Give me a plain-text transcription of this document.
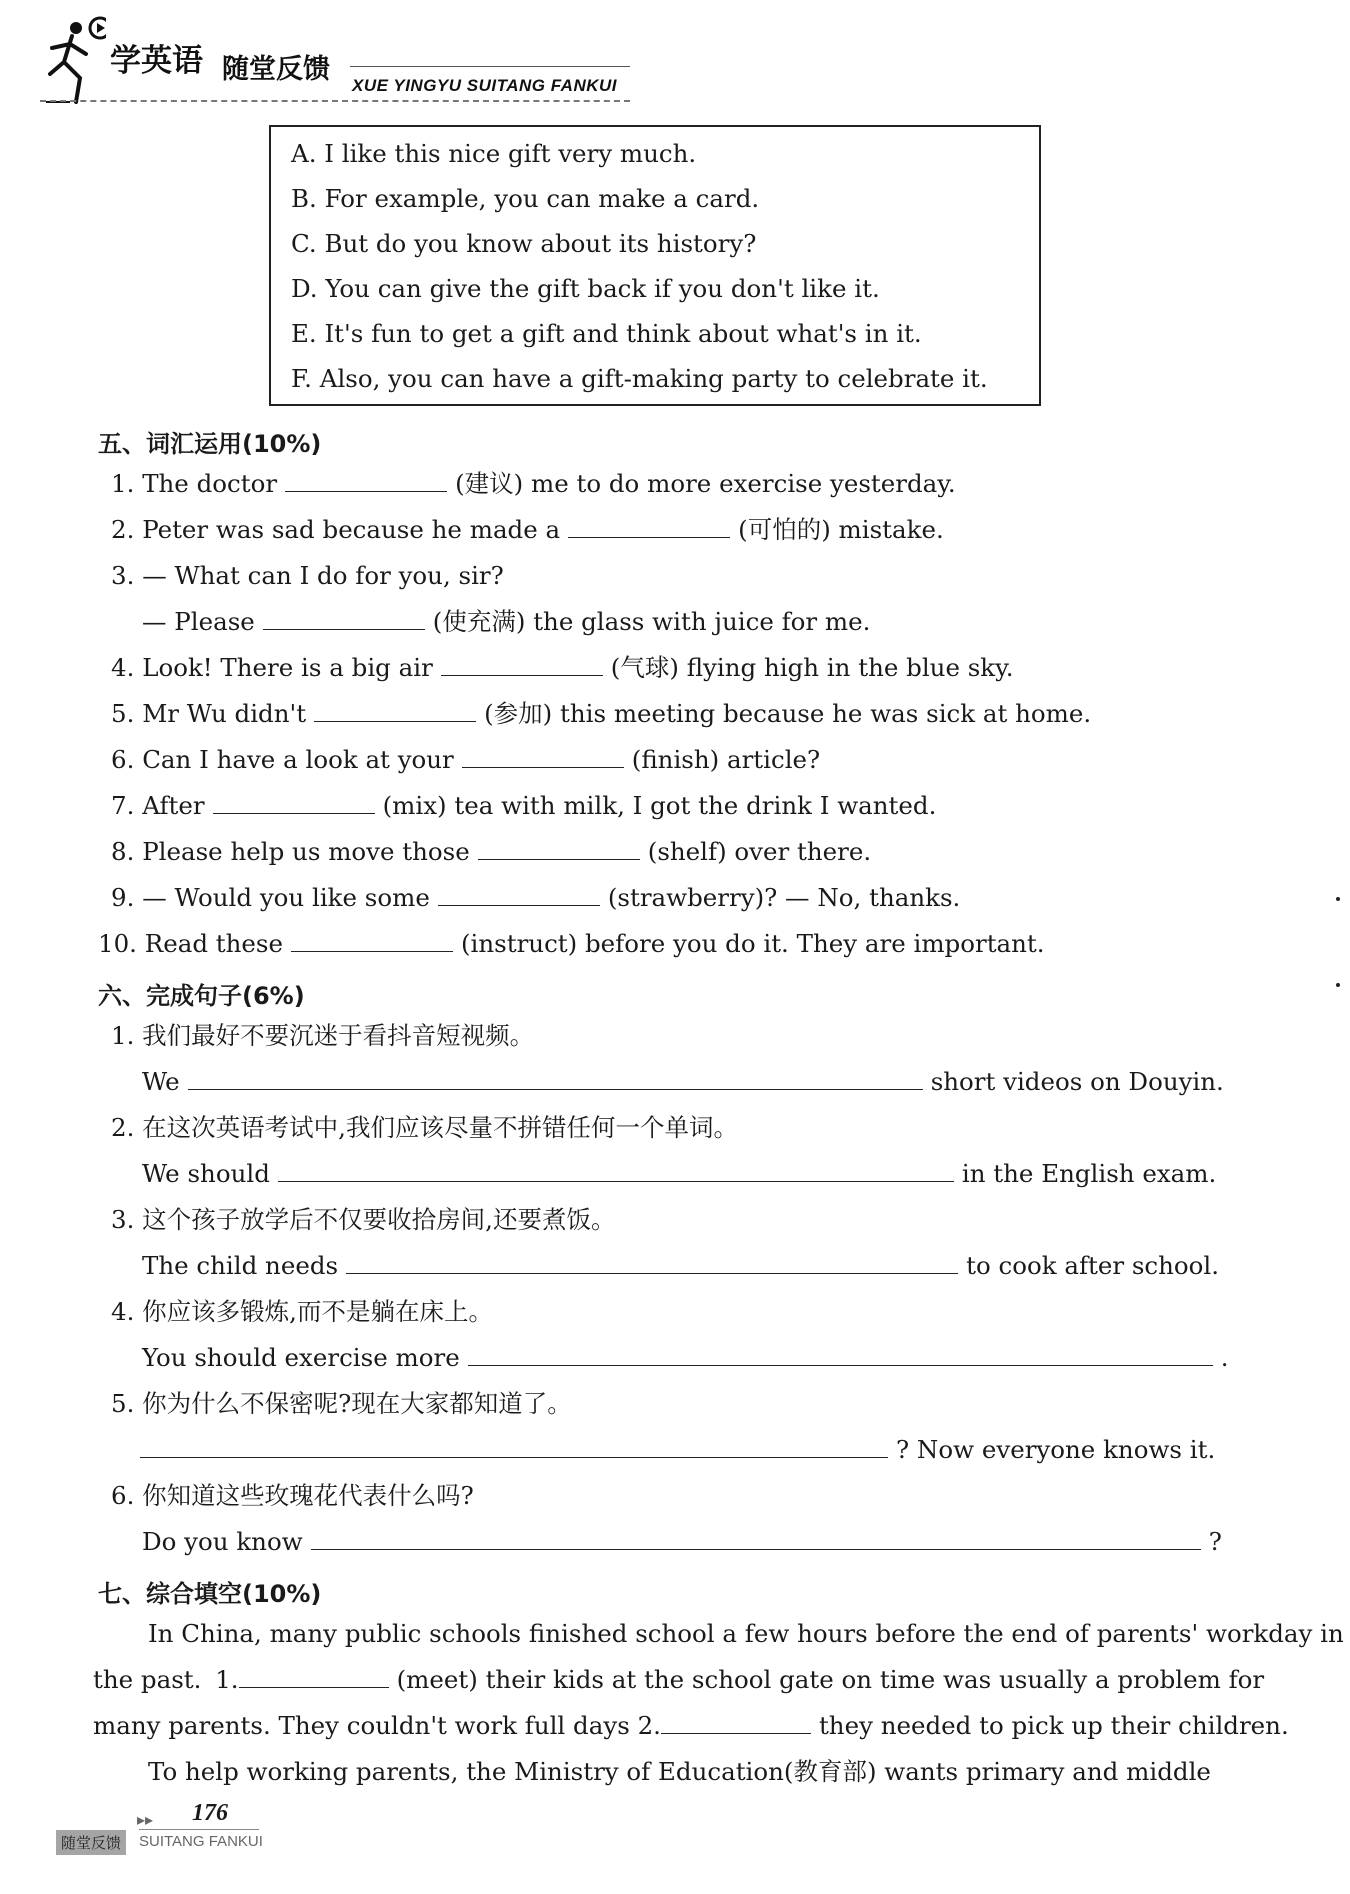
学英语 随堂反馈
XUE YINGYU SUITANG FANKUI
A. I like this nice gift very much.
B. For example, you can make a card.
C. But do you know about its history?
D. You can give the gift back if you don't like it.
E. It's fun to get a gift and think about what's in it.
F. Also, you can have a gift-making party to celebrate it.
五、词汇运用(10%)
1. The doctor	(建议) me to do more exercise yesterday.
2. Peter was sad because he made a	(可怕的) mistake.
3. — What can I do for you, sir?
— Please	(使充满) the glass with juice for me.
4. Look! There is a big air	(气球) flying high in the blue sky.
5. Mr Wu didn't	(参加) this meeting because he was sick at home.
6. Can I have a look at your	(finish) article?
7. After	(mix) tea with milk, I got the drink I wanted.
8. Please help us move those	(shelf) over there.
9. — Would you like some	(strawberry)? — No, thanks.
10. Read these	(instruct) before you do it. They are important.
六、完成句子(6%)
1. 我们最好不要沉迷于看抖音短视频。
We	short videos on Douyin.
2. 在这次英语考试中,我们应该尽量不拼错任何一个单词。
We should	in the English exam.
3. 这个孩子放学后不仅要收拾房间,还要煮饭。
The child needs	to cook after school.
4. 你应该多锻炼,而不是躺在床上。
You should exercise more	.
5. 你为什么不保密呢?现在大家都知道了。
? Now everyone knows it.
6. 你知道这些玫瑰花代表什么吗?
Do you know	?
七、综合填空(10%)
In China, many public schools finished school a few hours before the end of parents' workday in
the past. 1.	(meet) their kids at the school gate on time was usually a problem for
many parents. They couldn't work full days 2.	they needed to pick up their children.
To help working parents, the Ministry of Education(教育部) wants primary and middle
▸▸ 176
随堂反馈	SUITANG FANKUI
